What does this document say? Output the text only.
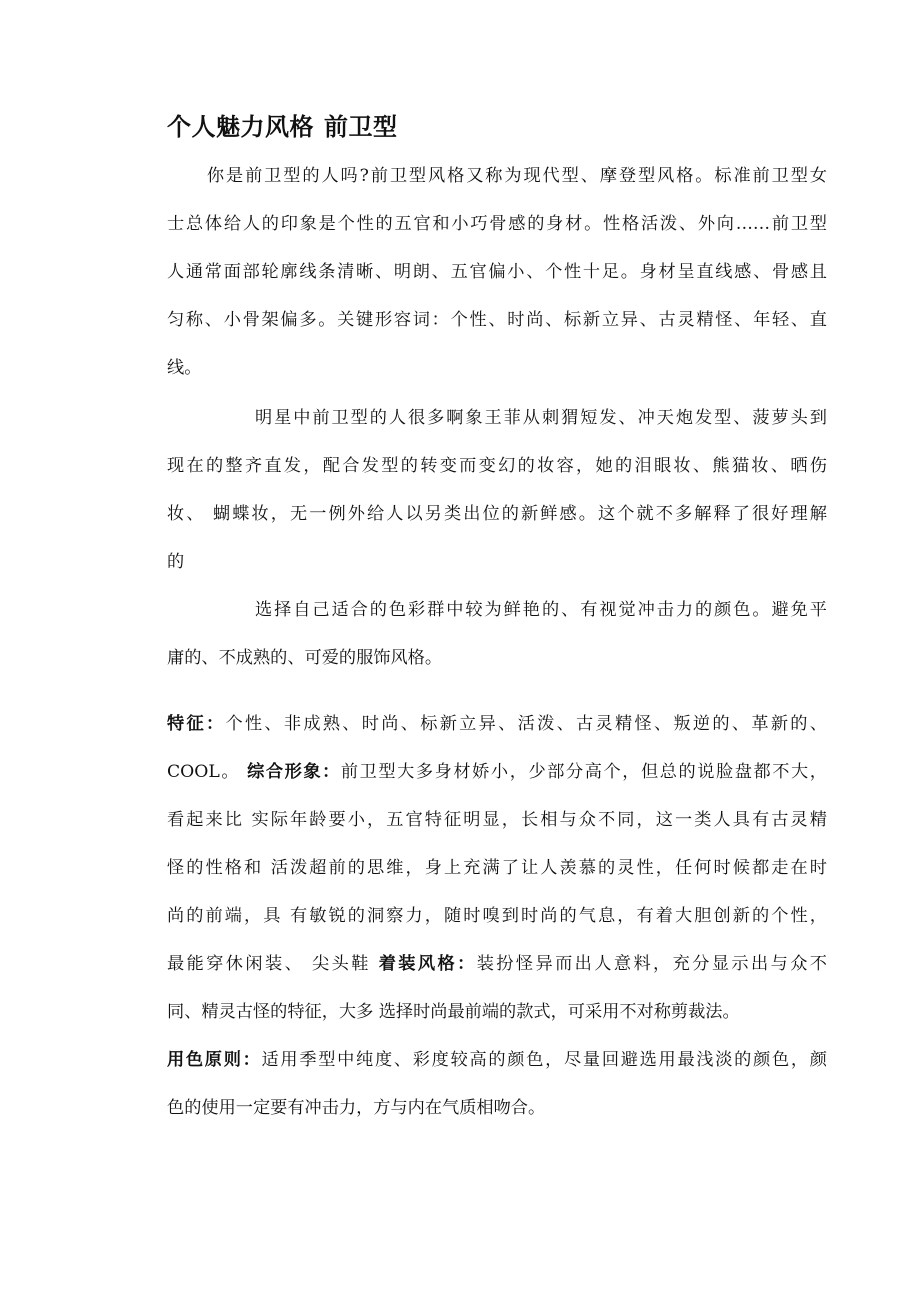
个人魅力风格 前卫型
你是前卫型的人吗?前卫型风格又称为现代型、摩登型风格。标准前卫型女
士总体给人的印象是个性的五官和小巧骨感的身材。性格活泼、外向……前卫型
人通常面部轮廓线条清晰、明朗、五官偏小、个性十足。身材呈直线感、骨感且
匀称、小骨架偏多。关键形容词：个性、时尚、标新立异、古灵精怪、年轻、直
线。
明星中前卫型的人很多啊象王菲从刺猬短发、冲天炮发型、菠萝头到
现在的整齐直发，配合发型的转变而变幻的妆容，她的泪眼妆、熊猫妆、晒伤
妆、 蝴蝶妆，无一例外给人以另类出位的新鲜感。这个就不多解释了很好理解
的
选择自己适合的色彩群中较为鲜艳的、有视觉冲击力的颜色。避免平
庸的、不成熟的、可爱的服饰风格。
特征：个性、非成熟、时尚、标新立异、活泼、古灵精怪、叛逆的、革新的、
COOL。 综合形象：前卫型大多身材娇小，少部分高个，但总的说脸盘都不大，
看起来比 实际年龄要小，五官特征明显，长相与众不同，这一类人具有古灵精
怪的性格和 活泼超前的思维，身上充满了让人羡慕的灵性，任何时候都走在时
尚的前端，具 有敏锐的洞察力，随时嗅到时尚的气息，有着大胆创新的个性，
最能穿休闲装、 尖头鞋 着装风格：装扮怪异而出人意料，充分显示出与众不
同、精灵古怪的特征，大多 选择时尚最前端的款式，可采用不对称剪裁法。
用色原则：适用季型中纯度、彩度较高的颜色，尽量回避选用最浅淡的颜色，颜
色的使用一定要有冲击力，方与内在气质相吻合。
